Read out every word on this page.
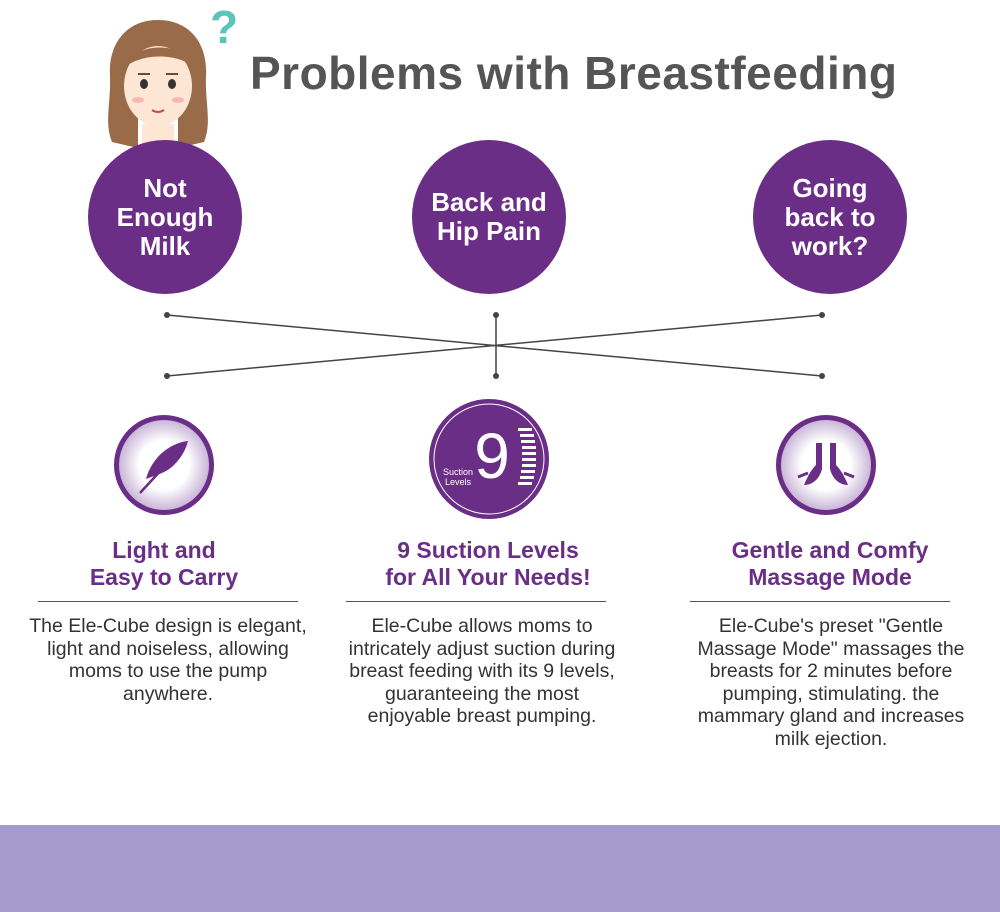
?
Problems with Breastfeeding
Not Enough Milk
Back and Hip Pain
Going back to work?
9
Suction
Levels
Light and
Easy to Carry
9 Suction Levels
for All Your Needs!
Gentle and Comfy
Massage Mode
The Ele-Cube design is elegant, light and noiseless, allowing moms to use the pump anywhere.
Ele-Cube allows moms to intricately adjust suction during breast feeding with its 9 levels, guaranteeing the most enjoyable breast pumping.
Ele-Cube's preset "Gentle Massage Mode" massages the breasts for 2 minutes before pumping, stimulating. the mammary gland and increases milk ejection.
